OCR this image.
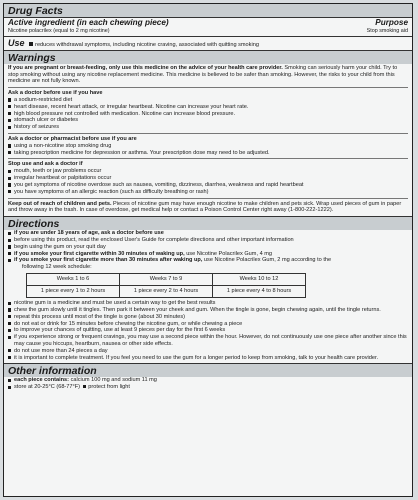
Drug Facts
Active ingredient (in each chewing piece)	Purpose
Nicotine polacrilex (equal to 2 mg nicotine)	Stop smoking aid
Use reduces withdrawal symptoms, including nicotine craving, associated with quitting smoking
Warnings

If you are pregnant or breast-feeding, only use this medicine on the advice of your health care provider. Smoking can seriously harm your child. Try to stop smoking without using any nicotine replacement medicine. This medicine is believed to be safer than smoking. However, the risks to your child from this medicine are not fully known.

Ask a doctor before use if you have
a sodium-restricted diet
heart disease, recent heart attack, or irregular heartbeat. Nicotine can increase your heart rate.
high blood pressure not controlled with medication. Nicotine can increase blood pressure.
stomach ulcer or diabetes
history of seizures
Ask a doctor or pharmacist before use if you are
using a non-nicotine stop smoking drug
taking prescription medicine for depression or asthma. Your prescription dose may need to be adjusted.
Stop use and ask a doctor if
mouth, teeth or jaw problems occur
irregular heartbeat or palpitations occur
you get symptoms of nicotine overdose such as nausea, vomiting, dizziness, diarrhea, weakness and rapid heartbeat
you have symptoms of an allergic reaction (such as difficulty breathing or rash)

Keep out of reach of children and pets. Pieces of nicotine gum may have enough nicotine to make children and pets sick. Wrap used pieces of gum in paper and throw away in the trash. In case of overdose, get medical help or contact a Poison Control Center right away (1-800-222-1222).

Directions
if you are under 18 years of age, ask a doctor before use
before using this product, read the enclosed User's Guide for complete directions and other important information
begin using the gum on your quit day
if you smoke your first cigarette within 30 minutes of waking up, use Nicotine Polacrilex Gum, 4 mg
if you smoke your first cigarette more than 30 minutes after waking up, use Nicotine Polacrilex Gum, 2 mg according to the
following 12 week schedule:
Weeks 1 to 6	Weeks 7 to 9	Weeks 10 to 12
1 piece every 1 to 2 hours	1 piece every 2 to 4 hours	1 piece every 4 to 8 hours
nicotine gum is a medicine and must be used a certain way to get the best results
chew the gum slowly until it tingles. Then park it between your cheek and gum. When the tingle is gone, begin chewing again, until the tingle returns.
repeat this process until most of the tingle is gone (about 30 minutes)
do not eat or drink for 15 minutes before chewing the nicotine gum, or while chewing a piece
to improve your chances of quitting, use at least 9 pieces per day for the first 6 weeks
if you experience strong or frequent cravings, you may use a second piece within the hour. However, do not continuously use one piece after another since this may cause you hiccups, heartburn, nausea or other side effects.
do not use more than 24 pieces a day
it is important to complete treatment. If you feel you need to use the gum for a longer period to keep from smoking, talk to your health care provider.
Other information
each piece contains: calcium 100 mg and sodium 11 mg
store at 20-25°C (68-77°F) protect from light
